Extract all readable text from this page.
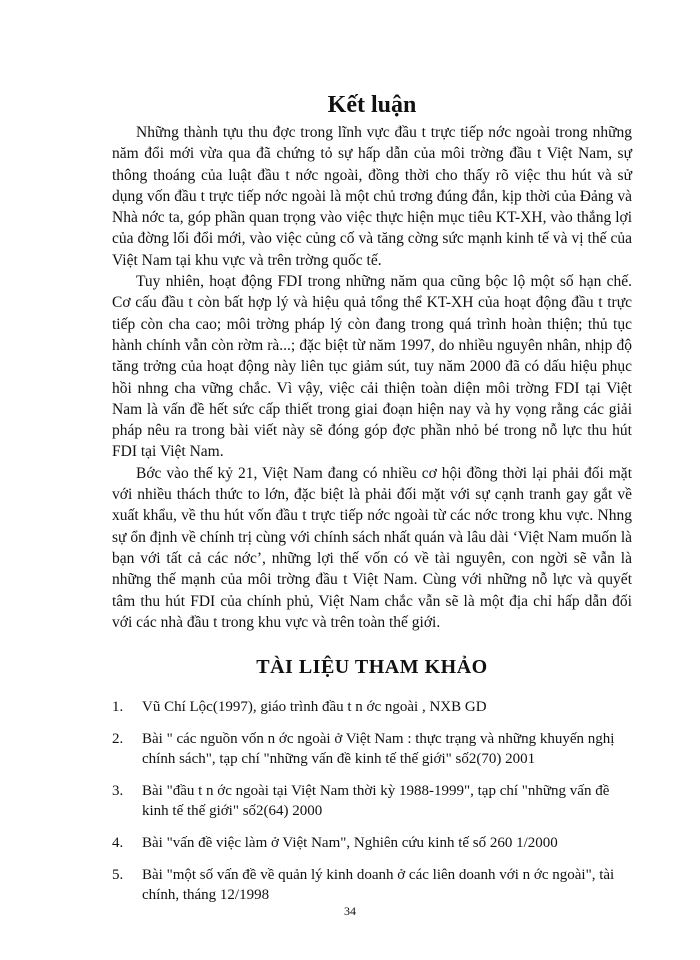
Kết luận

Những thành tựu thu đợc trong lĩnh vực đầu t trực tiếp nớc ngoài trong những năm đổi mới vừa qua đã chứng tỏ sự hấp dẫn của môi trờng đầu t Việt Nam, sự thông thoáng của luật đầu t nớc ngoài, đồng thời cho thấy rõ việc thu hút và sử dụng vốn đầu t trực tiếp nớc ngoài là một chủ trơng đúng đắn, kịp thời của Đảng và Nhà nớc ta, góp phần quan trọng vào việc thực hiện mục tiêu KT-XH, vào thắng lợi của đờng lối đổi mới, vào việc củng cố và tăng cờng sức mạnh kinh tế và vị thế của Việt Nam tại khu vực và trên trờng quốc tế.

Tuy nhiên, hoạt động FDI trong những năm qua cũng bộc lộ một số hạn chế. Cơ cấu đầu t còn bất hợp lý và hiệu quả tổng thể KT-XH của hoạt động đầu t trực tiếp còn cha cao; môi trờng pháp lý còn đang trong quá trình hoàn thiện; thủ tục hành chính vẫn còn rờm rà...; đặc biệt từ năm 1997, do nhiều nguyên nhân, nhịp độ tăng trởng của hoạt động này liên tục giảm sút, tuy năm 2000 đã có dấu hiệu phục hồi nhng cha vững chắc. Vì vậy, việc cải thiện toàn diện môi trờng FDI tại Việt Nam là vấn đề hết sức cấp thiết trong giai đoạn hiện nay và hy vọng rằng các giải pháp nêu ra trong bài viết này sẽ đóng góp đợc phần nhỏ bé trong nỗ lực thu hút FDI tại Việt Nam.

Bớc vào thế kỷ 21, Việt Nam đang có nhiều cơ hội đồng thời lại phải đối mặt với nhiều thách thức to lớn, đặc biệt là phải đối mặt với sự cạnh tranh gay gắt về xuất khẩu, về thu hút vốn đầu t trực tiếp nớc ngoài từ các nớc trong khu vực. Nhng sự ổn định về chính trị cùng với chính sách nhất quán và lâu dài ‘Việt Nam muốn là bạn với tất cả các nớc’, những lợi thế vốn có về tài nguyên, con ngời sẽ vẫn là những thế mạnh của môi trờng đầu t Việt Nam. Cùng với những nỗ lực và quyết tâm thu hút FDI của chính phủ, Việt Nam chắc vẫn sẽ là một địa chỉ hấp dẫn đối với các nhà đầu t trong khu vực và trên toàn thế giới.

TÀI LIỆU THAM KHẢO
1.	Vũ Chí Lộc(1997), giáo trình đầu t n ớc ngoài , NXB GD
2.	Bài " các nguồn vốn n ớc ngoài ở Việt Nam : thực trạng và những khuyến nghị chính sách", tạp chí "những vấn đề kinh tế thế giới" số2(70) 2001
3.	Bài "đầu t n ớc ngoài tại Việt Nam thời kỳ 1988-1999", tạp chí "những vấn đề kinh tế thế giới" số2(64) 2000
4.	Bài "vấn đề việc làm ở Việt Nam", Nghiên cứu kinh tế số 260 1/2000
5.	Bài "một số vấn đề về quản lý kinh doanh ở các liên doanh với n ớc ngoài", tài chính, tháng 12/1998
34
